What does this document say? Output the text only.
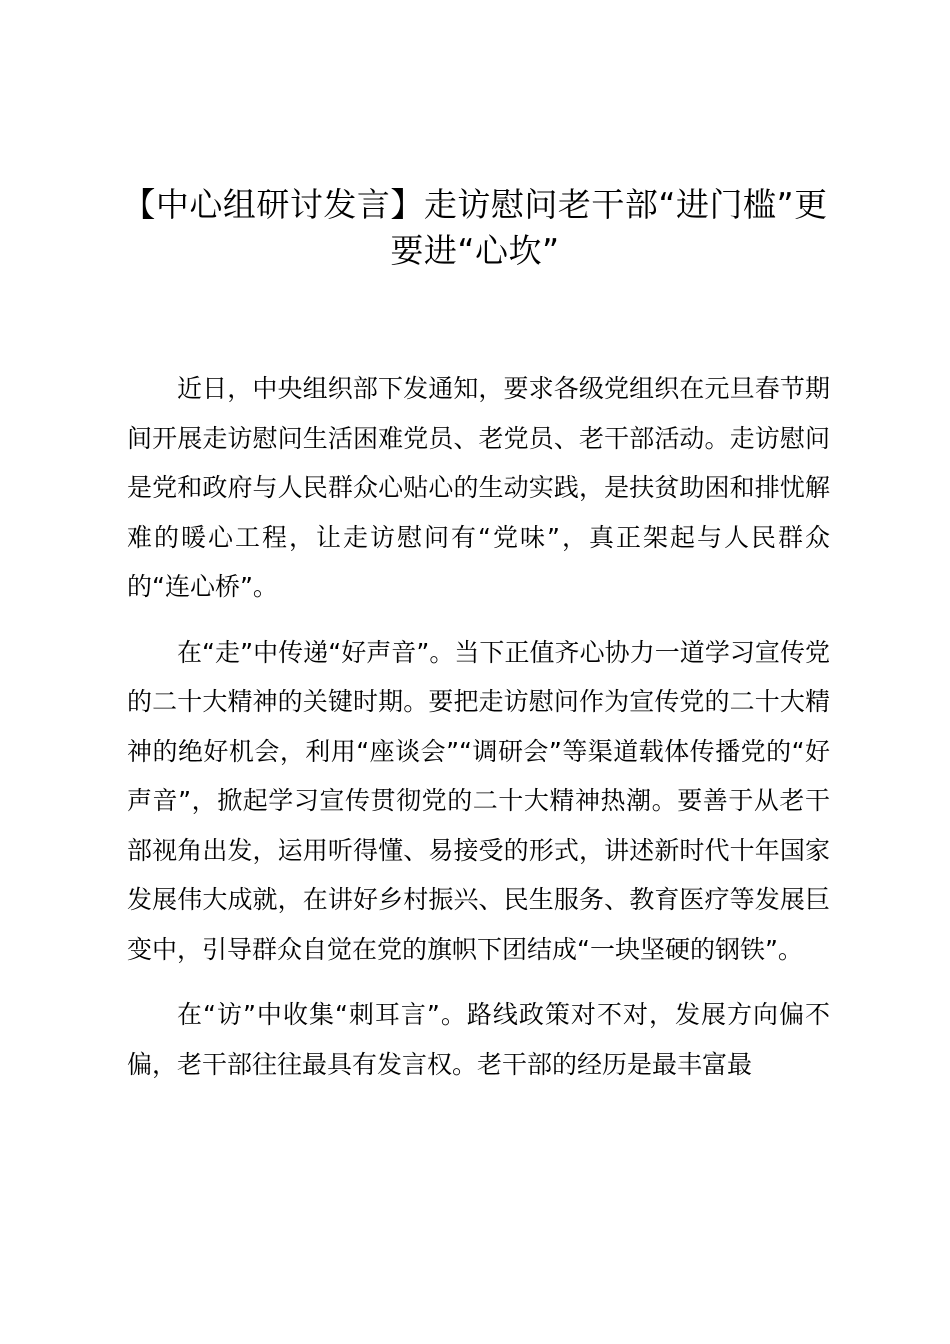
【中心组研讨发言】走访慰问老干部“进门槛”更要进“心坎”

近日，中央组织部下发通知，要求各级党组织在元旦春节期间开展走访慰问生活困难党员、老党员、老干部活动。走访慰问是党和政府与人民群众心贴心的生动实践，是扶贫助困和排忧解难的暖心工程，让走访慰问有“党味”，真正架起与人民群众的“连心桥”。

在“走”中传递“好声音”。当下正值齐心协力一道学习宣传党的二十大精神的关键时期。要把走访慰问作为宣传党的二十大精神的绝好机会，利用“座谈会”“调研会”等渠道载体传播党的“好声音”，掀起学习宣传贯彻党的二十大精神热潮。要善于从老干部视角出发，运用听得懂、易接受的形式，讲述新时代十年国家发展伟大成就，在讲好乡村振兴、民生服务、教育医疗等发展巨变中，引导群众自觉在党的旗帜下团结成“一块坚硬的钢铁”。

在“访”中收集“刺耳言”。路线政策对不对，发展方向偏不偏，老干部往往最具有发言权。老干部的经历是最丰富最
